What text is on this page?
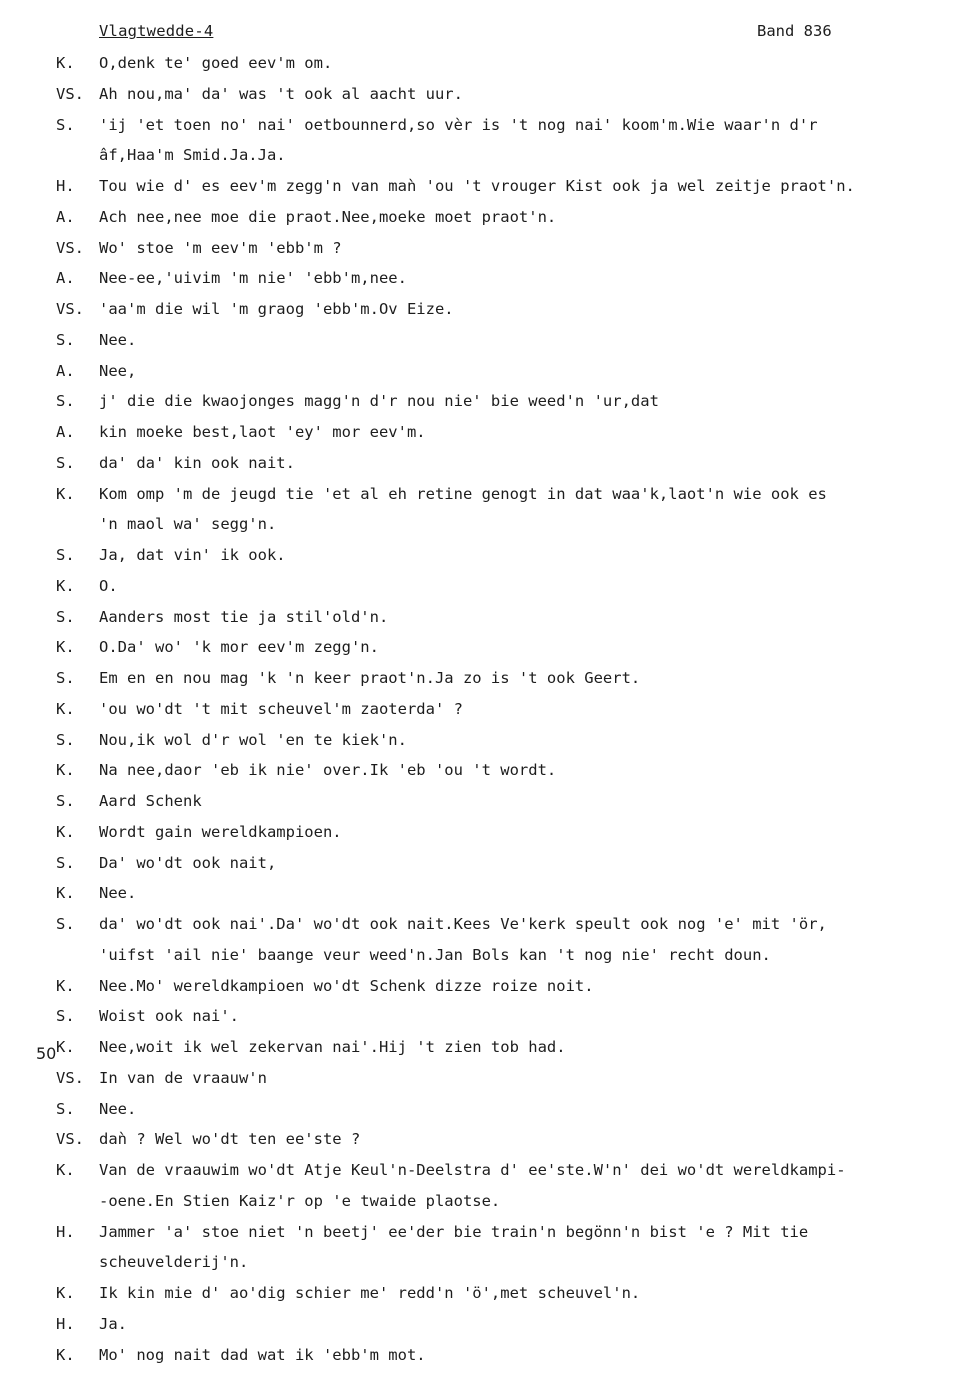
Vlagtwedde-4	Band 836
50
K.	O,denk te' goed eev'm om.
VS. Ah nou,ma' da' was 't ook al aacht uur.
S.	'ij 'et toen no' nai' oetbounnerd,so vèr is 't nog nai' koom'm.Wie waar'n d'r
âf,Haa'm Smid.Ja.Ja.
H.	Tou wie d' es eev'm zegg'n van maǹ 'ou 't vrouger Kist ook ja wel zeitje praot'n.
A.	Ach nee,nee moe die praot.Nee,moeke moet praot'n.
VS. Wo' stoe 'm eev'm 'ebb'm ?
A.	Nee-ee,'uivim 'm nie' 'ebb'm,nee.
VS. 'aa'm die wil 'm graog 'ebb'm.Ov Eize.
S.	Nee.
A.	Nee,
S.	j' die die kwaojonges magg'n d'r nou nie' bie weed'n 'ur,dat
A.	kin moeke best,laot 'ey' mor eev'm.
S.	da' da' kin ook nait.
K.	Kom omp 'm de jeugd tie 'et al eh retine genogt in dat waa'k,laot'n wie ook es
'n maol wa' segg'n.
S.	Ja, dat vin' ik ook.
K.	O.
S.	Aanders most tie ja stil'old'n.
K.	O.Da' wo' 'k mor eev'm zegg'n.
S.	Em en en nou mag 'k 'n keer praot'n.Ja zo is 't ook Geert.
K.	'ou wo'dt 't mit scheuvel'm zaoterda' ?
S.	Nou,ik wol d'r wol 'en te kiek'n.
K.	Na nee,daor 'eb ik nie' over.Ik 'eb 'ou 't wordt.
S.	Aard Schenk
K.	Wordt gain wereldkampioen.
S.	Da' wo'dt ook nait,
K.	Nee.
S.	da' wo'dt ook nai'.Da' wo'dt ook nait.Kees Ve'kerk speult ook nog 'e' mit 'ör,
'uifst 'ail nie' baange veur weed'n.Jan Bols kan 't nog nie' recht doun.
K.	Nee.Mo' wereldkampioen wo'dt Schenk dizze roize noit.
S.	Woist ook nai'.
K.	Nee,woit ik wel zekervan nai'.Hij 't zien tob had.
VS. In van de vraauw'n
S.	Nee.
VS. daǹ ? Wel wo'dt ten ee'ste ?
K.	Van de vraauwim wo'dt Atje Keul'n-Deelstra d' ee'ste.W'n' dei wo'dt wereldkampi-
-oene.En Stien Kaiz'r op 'e twaide plaotse.
H.	Jammer 'a' stoe niet 'n beetj' ee'der bie train'n begönn'n bist 'e ? Mit tie
scheuvelderij'n.
K.	Ik kin mie d' ao'dig schier me' redd'n 'ö',met scheuvel'n.
H.	Ja.
K.	Mo' nog nait dad wat ik 'ebb'm mot.
